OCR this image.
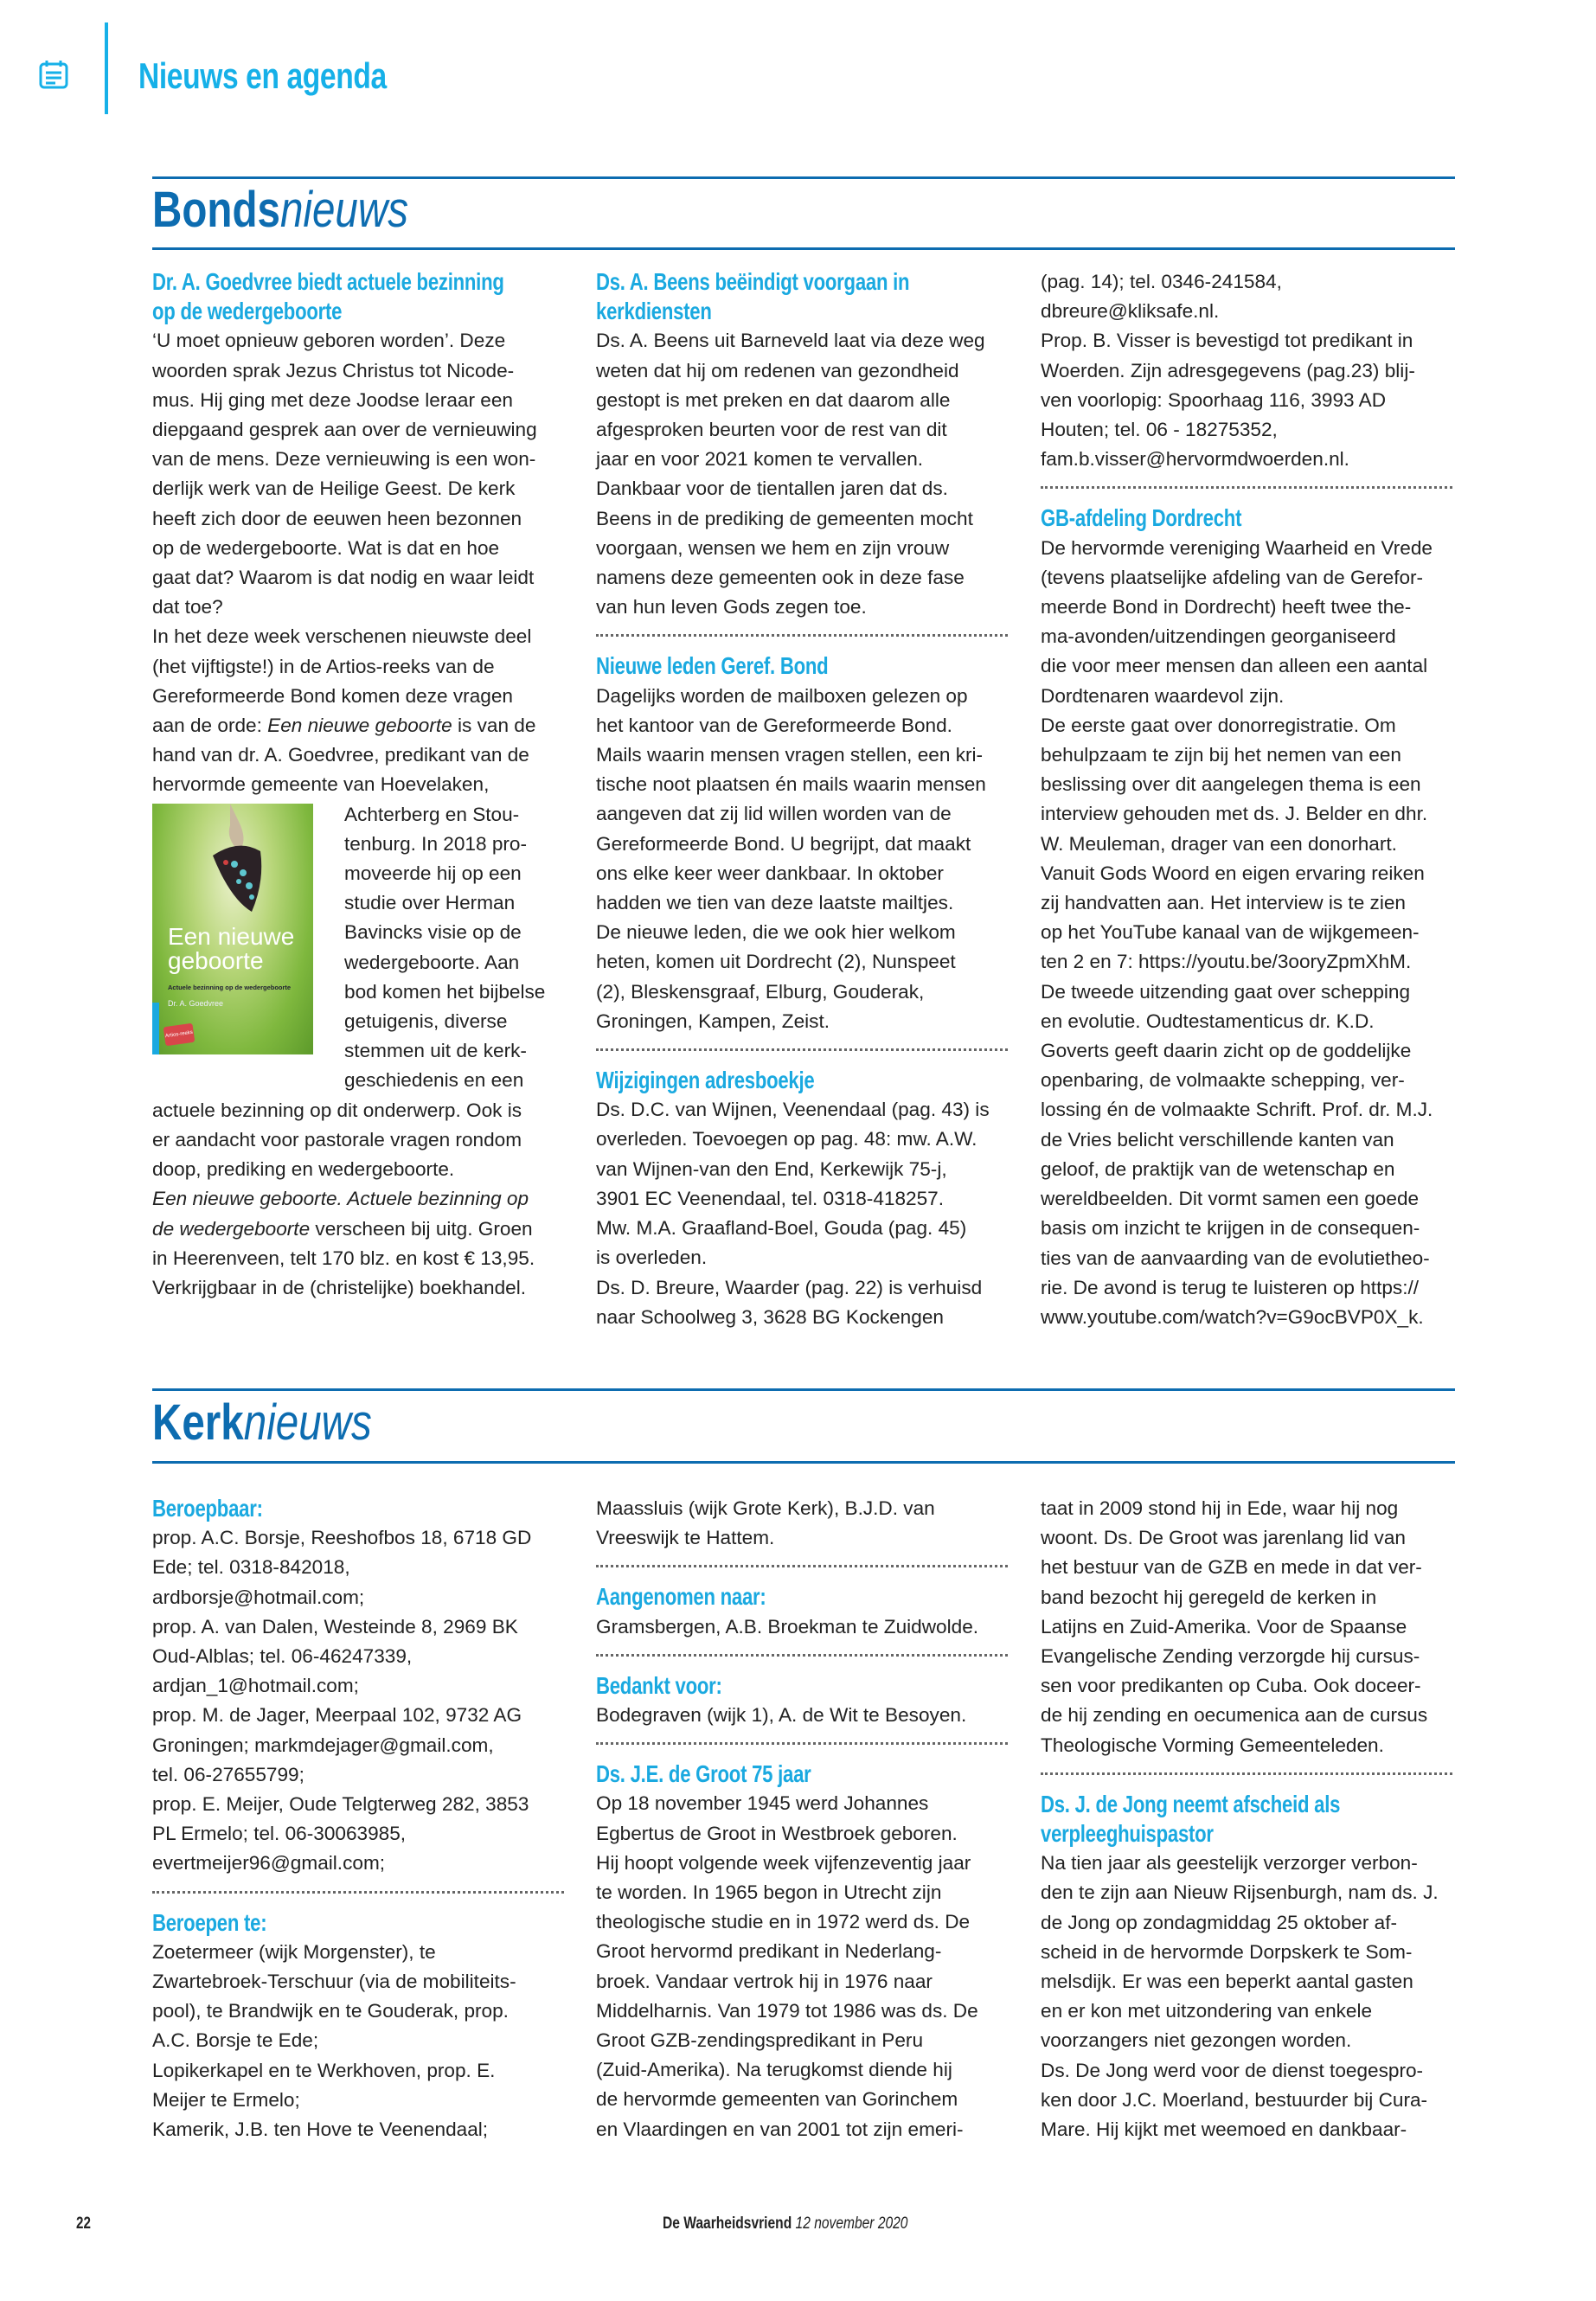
Nieuws en agenda
Bondsnieuws
Dr. A. Goedvree biedt actuele bezinning
op de wedergeboorte
‘U moet opnieuw geboren worden’. Deze
woorden sprak Jezus Christus tot Nicode-
mus. Hij ging met deze Joodse leraar een
diepgaand gesprek aan over de vernieuwing
van de mens. Deze vernieuwing is een won-
derlijk werk van de Heilige Geest. De kerk
heeft zich door de eeuwen heen bezonnen
op de wedergeboorte. Wat is dat en hoe
gaat dat? Waarom is dat nodig en waar leidt
dat toe?
In het deze week verschenen nieuwste deel
(het vijftigste!) in de Artios-reeks van de
Gereformeerde Bond komen deze vragen
aan de orde: Een nieuwe geboorte is van de
hand van dr. A. Goedvree, predikant van de
hervormde gemeente van Hoevelaken,
Een nieuwe
geboorte
Actuele bezinning op de wedergeboorte
Dr. A. Goedvree
Artios-reeks
Achterberg en Stou-
tenburg. In 2018 pro-
moveerde hij op een
studie over Herman
Bavincks visie op de
wedergeboorte. Aan
bod komen het bijbelse
getuigenis, diverse
stemmen uit de kerk-
geschiedenis en een
actuele bezinning op dit onderwerp. Ook is
er aandacht voor pastorale vragen rondom
doop, prediking en wedergeboorte.
Een nieuwe geboorte. Actuele bezinning op
de wedergeboorte verscheen bij uitg. Groen
in Heerenveen, telt 170 blz. en kost € 13,95.
Verkrijgbaar in de (christelijke) boekhandel.
Ds. A. Beens beëindigt voorgaan in
kerkdiensten
Ds. A. Beens uit Barneveld laat via deze weg
weten dat hij om redenen van gezondheid
gestopt is met preken en dat daarom alle
afgesproken beurten voor de rest van dit
jaar en voor 2021 komen te vervallen.
Dankbaar voor de tientallen jaren dat ds.
Beens in de prediking de gemeenten mocht
voorgaan, wensen we hem en zijn vrouw
namens deze gemeenten ook in deze fase
van hun leven Gods zegen toe.
Nieuwe leden Geref. Bond
Dagelijks worden de mailboxen gelezen op
het kantoor van de Gereformeerde Bond.
Mails waarin mensen vragen stellen, een kri-
tische noot plaatsen én mails waarin mensen
aangeven dat zij lid willen worden van de
Gereformeerde Bond. U begrijpt, dat maakt
ons elke keer weer dankbaar. In oktober
hadden we tien van deze laatste mailtjes.
De nieuwe leden, die we ook hier welkom
heten, komen uit Dordrecht (2), Nunspeet
(2), Bleskensgraaf, Elburg, Gouderak,
Groningen, Kampen, Zeist.
Wijzigingen adresboekje
Ds. D.C. van Wijnen, Veenendaal (pag. 43) is
overleden. Toevoegen op pag. 48: mw. A.W.
van Wijnen-van den End, Kerkewijk 75-j,
3901 EC Veenendaal, tel. 0318-418257.
Mw. M.A. Graafland-Boel, Gouda (pag. 45)
is overleden.
Ds. D. Breure, Waarder (pag. 22) is verhuisd
naar Schoolweg 3, 3628 BG Kockengen
(pag. 14); tel. 0346-241584,
dbreure@kliksafe.nl.
Prop. B. Visser is bevestigd tot predikant in
Woerden. Zijn adresgegevens (pag.23) blij-
ven voorlopig: Spoorhaag 116, 3993 AD
Houten; tel. 06 - 18275352,
fam.b.visser@hervormdwoerden.nl.
GB-afdeling Dordrecht
De hervormde vereniging Waarheid en Vrede
(tevens plaatselijke afdeling van de Gerefor-
meerde Bond in Dordrecht) heeft twee the-
ma-avonden/uitzendingen georganiseerd
die voor meer mensen dan alleen een aantal
Dordtenaren waardevol zijn.
De eerste gaat over donorregistratie. Om
behulpzaam te zijn bij het nemen van een
beslissing over dit aangelegen thema is een
interview gehouden met ds. J. Belder en dhr.
W. Meuleman, drager van een donorhart.
Vanuit Gods Woord en eigen ervaring reiken
zij handvatten aan. Het interview is te zien
op het YouTube kanaal van de wijkgemeen-
ten 2 en 7: https://youtu.be/3ooryZpmXhM.
De tweede uitzending gaat over schepping
en evolutie. Oudtestamenticus dr. K.D.
Goverts geeft daarin zicht op de goddelijke
openbaring, de volmaakte schepping, ver-
lossing én de volmaakte Schrift. Prof. dr. M.J.
de Vries belicht verschillende kanten van
geloof, de praktijk van de wetenschap en
wereldbeelden. Dit vormt samen een goede
basis om inzicht te krijgen in de consequen-
ties van de aanvaarding van de evolutietheo-
rie. De avond is terug te luisteren op https://
www.youtube.com/watch?v=G9ocBVP0X_k.
Kerknieuws
Beroepbaar:
prop. A.C. Borsje, Reeshofbos 18, 6718 GD
Ede; tel. 0318-842018,
ardborsje@hotmail.com;
prop. A. van Dalen, Westeinde 8, 2969 BK
Oud-Alblas; tel. 06-46247339,
ardjan_1@hotmail.com;
prop. M. de Jager, Meerpaal 102, 9732 AG
Groningen; markmdejager@gmail.com,
tel. 06-27655799;
prop. E. Meijer, Oude Telgterweg 282, 3853
PL Ermelo; tel. 06-30063985,
evertmeijer96@gmail.com;
Beroepen te:
Zoetermeer (wijk Morgenster), te
Zwartebroek-Terschuur (via de mobiliteits-
pool), te Brandwijk en te Gouderak, prop.
A.C. Borsje te Ede;
Lopikerkapel en te Werkhoven, prop. E.
Meijer te Ermelo;
Kamerik, J.B. ten Hove te Veenendaal;
Maassluis (wijk Grote Kerk), B.J.D. van
Vreeswijk te Hattem.
Aangenomen naar:
Gramsbergen, A.B. Broekman te Zuidwolde.
Bedankt voor:
Bodegraven (wijk 1), A. de Wit te Besoyen.
Ds. J.E. de Groot 75 jaar
Op 18 november 1945 werd Johannes
Egbertus de Groot in Westbroek geboren.
Hij hoopt volgende week vijfenzeventig jaar
te worden. In 1965 begon in Utrecht zijn
theologische studie en in 1972 werd ds. De
Groot hervormd predikant in Nederlang-
broek. Vandaar vertrok hij in 1976 naar
Middelharnis. Van 1979 tot 1986 was ds. De
Groot GZB-zendingspredikant in Peru
(Zuid-Amerika). Na terugkomst diende hij
de hervormde gemeenten van Gorinchem
en Vlaardingen en van 2001 tot zijn emeri-
taat in 2009 stond hij in Ede, waar hij nog
woont. Ds. De Groot was jarenlang lid van
het bestuur van de GZB en mede in dat ver-
band bezocht hij geregeld de kerken in
Latijns en Zuid-Amerika. Voor de Spaanse
Evangelische Zending verzorgde hij cursus-
sen voor predikanten op Cuba. Ook doceer-
de hij zending en oecumenica aan de cursus
Theologische Vorming Gemeenteleden.
Ds. J. de Jong neemt afscheid als
verpleeghuispastor
Na tien jaar als geestelijk verzorger verbon-
den te zijn aan Nieuw Rijsenburgh, nam ds. J.
de Jong op zondagmiddag 25 oktober af-
scheid in de hervormde Dorpskerk te Som-
melsdijk. Er was een beperkt aantal gasten
en er kon met uitzondering van enkele
voorzangers niet gezongen worden.
Ds. De Jong werd voor de dienst toegespro-
ken door J.C. Moerland, bestuurder bij Cura-
Mare. Hij kijkt met weemoed en dankbaar-
22	De Waarheidsvriend 12 november 2020
